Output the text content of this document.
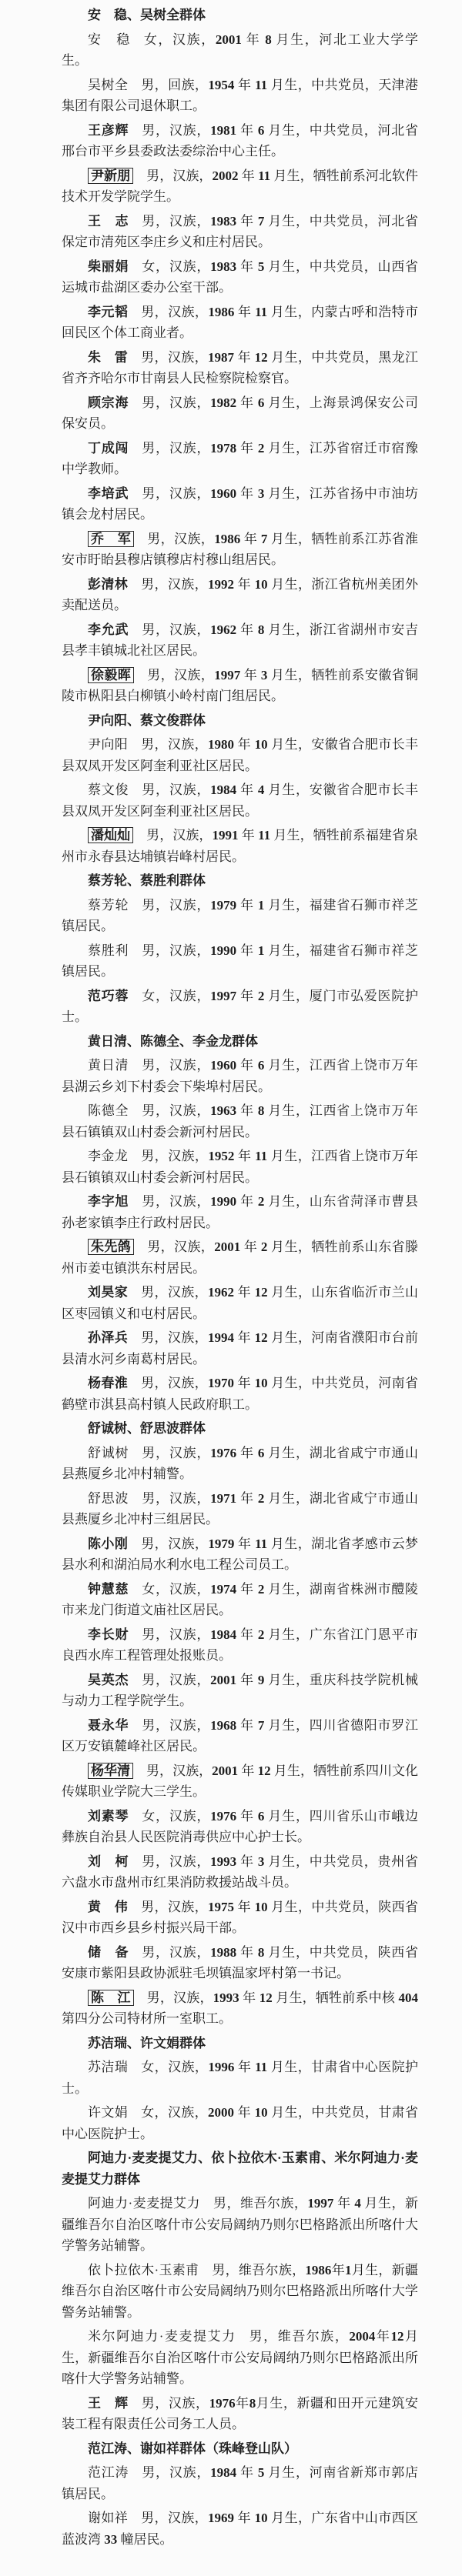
安　稳、吴树全群体

安　稳 女，汉族，2001 年 8 月生，河北工业大学学生。

吴树全 男，回族，1954 年 11 月生，中共党员，天津港集团有限公司退休职工。

王彦辉 男，汉族，1981 年 6 月生，中共党员，河北省邢台市平乡县委政法委综治中心主任。

尹新朋 男，汉族，2002 年 11 月生，牺牲前系河北软件技术开发学院学生。

王　志 男，汉族，1983 年 7 月生，中共党员，河北省保定市清苑区李庄乡义和庄村居民。

柴丽娟 女，汉族，1983 年 5 月生，中共党员，山西省运城市盐湖区委办公室干部。

李元韬 男，汉族，1986 年 11 月生，内蒙古呼和浩特市回民区个体工商业者。

朱　雷 男，汉族，1987 年 12 月生，中共党员，黑龙江省齐齐哈尔市甘南县人民检察院检察官。

顾宗海 男，汉族，1982 年 6 月生，上海景鸿保安公司保安员。

丁成闯 男，汉族，1978 年 2 月生，江苏省宿迁市宿豫中学教师。

李培武 男，汉族，1960 年 3 月生，江苏省扬中市油坊镇会龙村居民。

乔　军 男，汉族，1986 年 7 月生，牺牲前系江苏省淮安市盱眙县穆店镇穆店村穆山组居民。

彭清林 男，汉族，1992 年 10 月生，浙江省杭州美团外卖配送员。

李允武 男，汉族，1962 年 8 月生，浙江省湖州市安吉县孝丰镇城北社区居民。

徐毅晖 男，汉族，1997 年 3 月生，牺牲前系安徽省铜陵市枞阳县白柳镇小岭村南门组居民。

尹向阳、蔡文俊群体

尹向阳 男，汉族，1980 年 10 月生，安徽省合肥市长丰县双凤开发区阿奎利亚社区居民。

蔡文俊 男，汉族，1984 年 4 月生，安徽省合肥市长丰县双凤开发区阿奎利亚社区居民。

潘灿灿 男，汉族，1991 年 11 月生，牺牲前系福建省泉州市永春县达埔镇岩峰村居民。

蔡芳轮、蔡胜利群体

蔡芳轮 男，汉族，1979 年 1 月生，福建省石狮市祥芝镇居民。

蔡胜利 男，汉族，1990 年 1 月生，福建省石狮市祥芝镇居民。

范巧蓉 女，汉族，1997 年 2 月生，厦门市弘爱医院护士。

黄日清、陈德全、李金龙群体

黄日清 男，汉族，1960 年 6 月生，江西省上饶市万年县湖云乡刘下村委会下柴埠村居民。

陈德全 男，汉族，1963 年 8 月生，江西省上饶市万年县石镇镇双山村委会新河村居民。

李金龙 男，汉族，1952 年 11 月生，江西省上饶市万年县石镇镇双山村委会新河村居民。

李字旭 男，汉族，1990 年 2 月生，山东省菏泽市曹县孙老家镇李庄行政村居民。

朱先鸽 男，汉族，2001 年 2 月生，牺牲前系山东省滕州市姜屯镇洪东村居民。

刘昊家 男，汉族，1962 年 12 月生，山东省临沂市兰山区枣园镇义和屯村居民。

孙泽兵 男，汉族，1994 年 12 月生，河南省濮阳市台前县清水河乡南葛村居民。

杨春淮 男，汉族，1970 年 10 月生，中共党员，河南省鹤壁市淇县高村镇人民政府职工。

舒诚树、舒思波群体

舒诚树 男，汉族，1976 年 6 月生，湖北省咸宁市通山县燕厦乡北冲村辅警。

舒思波 男，汉族，1971 年 2 月生，湖北省咸宁市通山县燕厦乡北冲村三组居民。

陈小刚 男，汉族，1979 年 11 月生，湖北省孝感市云梦县水利和湖泊局水利水电工程公司员工。

钟慧慈 女，汉族，1974 年 2 月生，湖南省株洲市醴陵市来龙门街道文庙社区居民。

李长财 男，汉族，1984 年 2 月生，广东省江门恩平市良西水库工程管理处报账员。

吴英杰 男，汉族，2001 年 9 月生，重庆科技学院机械与动力工程学院学生。

聂永华 男，汉族，1968 年 7 月生，四川省德阳市罗江区万安镇麓峰社区居民。

杨华清 男，汉族，2001 年 12 月生，牺牲前系四川文化传媒职业学院大三学生。

刘素琴 女，汉族，1976 年 6 月生，四川省乐山市峨边彝族自治县人民医院消毒供应中心护士长。

刘　柯 男，汉族，1993 年 3 月生，中共党员，贵州省六盘水市盘州市红果消防救援站战斗员。

黄　伟 男，汉族，1975 年 10 月生，中共党员，陕西省汉中市西乡县乡村振兴局干部。

储　备 男，汉族，1988 年 8 月生，中共党员，陕西省安康市紫阳县政协派驻毛坝镇温家坪村第一书记。

陈　江 男，汉族，1993 年 12 月生，牺牲前系中核 404 第四分公司特材所一室职工。

苏洁瑞、许文娟群体

苏洁瑞 女，汉族，1996 年 11 月生，甘肃省中心医院护士。

许文娟 女，汉族，2000 年 10 月生，中共党员，甘肃省中心医院护士。

阿迪力·麦麦提艾力、依卜拉依木·玉素甫、米尔阿迪力·麦麦提艾力群体

阿迪力·麦麦提艾力 男，维吾尔族，1997 年 4 月生，新疆维吾尔自治区喀什市公安局阔纳乃则尔巴格路派出所喀什大学警务站辅警。

依卜拉依木·玉素甫 男，维吾尔族，1986年1月生，新疆维吾尔自治区喀什市公安局阔纳乃则尔巴格路派出所喀什大学警务站辅警。

米尔阿迪力·麦麦提艾力 男，维吾尔族，2004年12月生，新疆维吾尔自治区喀什市公安局阔纳乃则尔巴格路派出所喀什大学警务站辅警。

王　辉 男，汉族，1976年8月生，新疆和田开元建筑安装工程有限责任公司务工人员。

范江涛、谢如祥群体（珠峰登山队）

范江涛 男，汉族，1984 年 5 月生，河南省新郑市郭店镇居民。

谢如祥 男，汉族，1969 年 10 月生，广东省中山市西区蓝波湾 33 幢居民。
